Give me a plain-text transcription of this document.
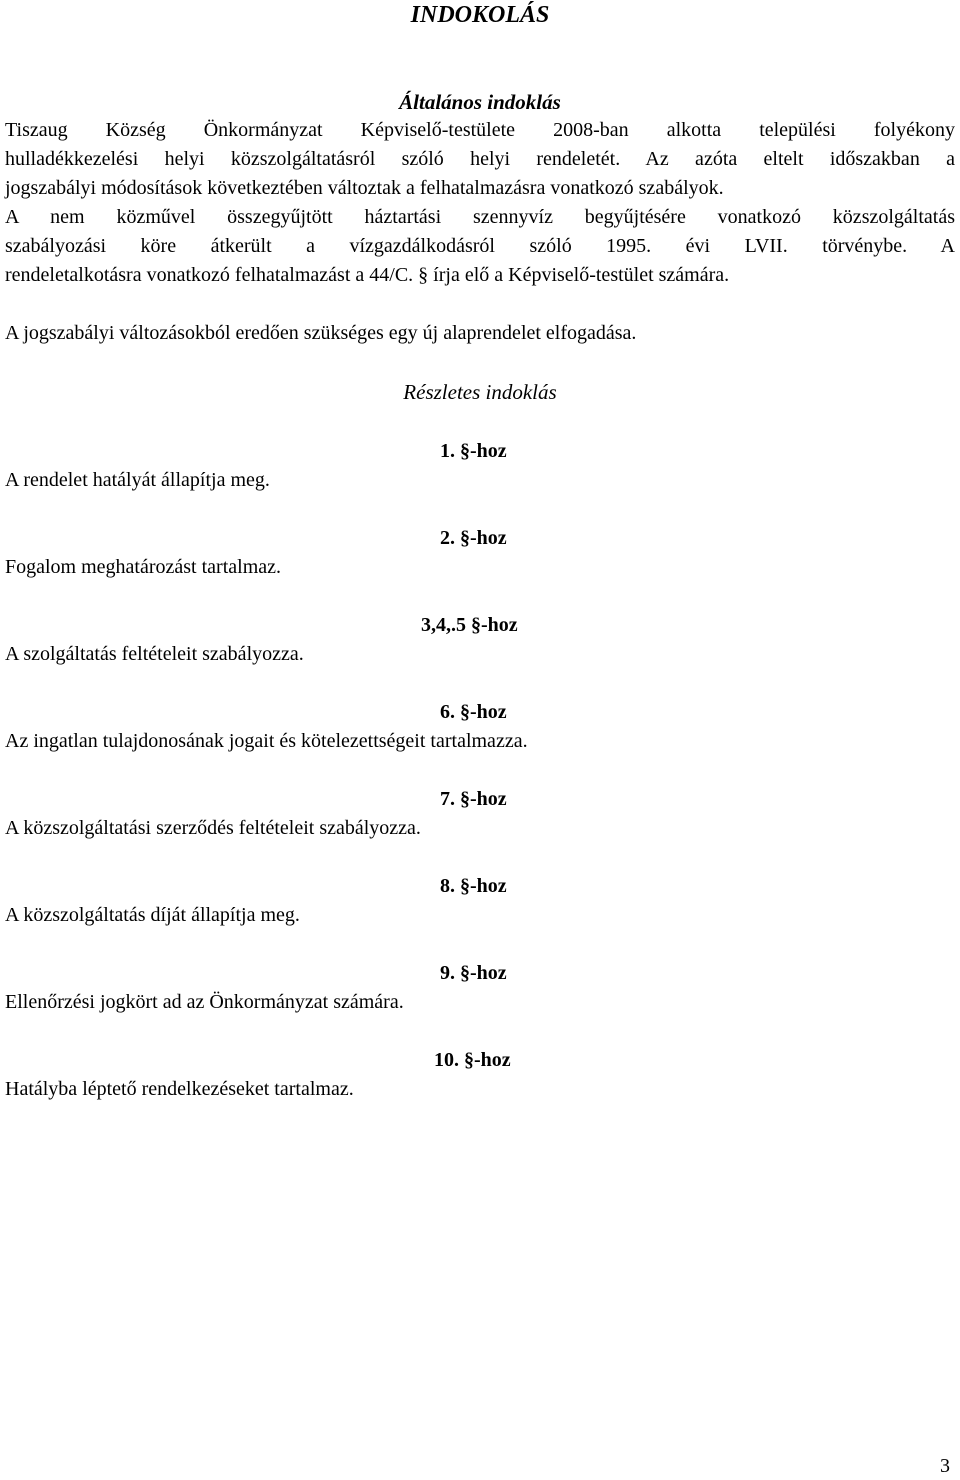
INDOKOLÁS
Általános indoklás
Tiszaug Község Önkormányzat Képviselő-testülete 2008-ban alkotta települési folyékony
hulladékkezelési helyi közszolgáltatásról szóló helyi rendeletét. Az azóta eltelt időszakban a
jogszabályi módosítások következtében változtak a felhatalmazásra vonatkozó szabályok.
A nem közművel összegyűjtött háztartási szennyvíz begyűjtésére vonatkozó közszolgáltatás
szabályozási köre átkerült a vízgazdálkodásról szóló 1995. évi LVII. törvénybe. A
rendeletalkotásra vonatkozó felhatalmazást a 44/C. § írja elő a Képviselő-testület számára.
A jogszabályi változásokból eredően szükséges egy új alaprendelet elfogadása.
Részletes indoklás
1. §-hoz
A rendelet hatályát állapítja meg.
2. §-hoz
Fogalom meghatározást tartalmaz.
3,4,.5 §-hoz
A szolgáltatás feltételeit szabályozza.
6. §-hoz
Az ingatlan tulajdonosának jogait és kötelezettségeit tartalmazza.
7. §-hoz
A közszolgáltatási szerződés feltételeit szabályozza.
8. §-hoz
A közszolgáltatás díját állapítja meg.
9. §-hoz
Ellenőrzési jogkört ad az Önkormányzat számára.
10. §-hoz
Hatályba léptető rendelkezéseket tartalmaz.
3
